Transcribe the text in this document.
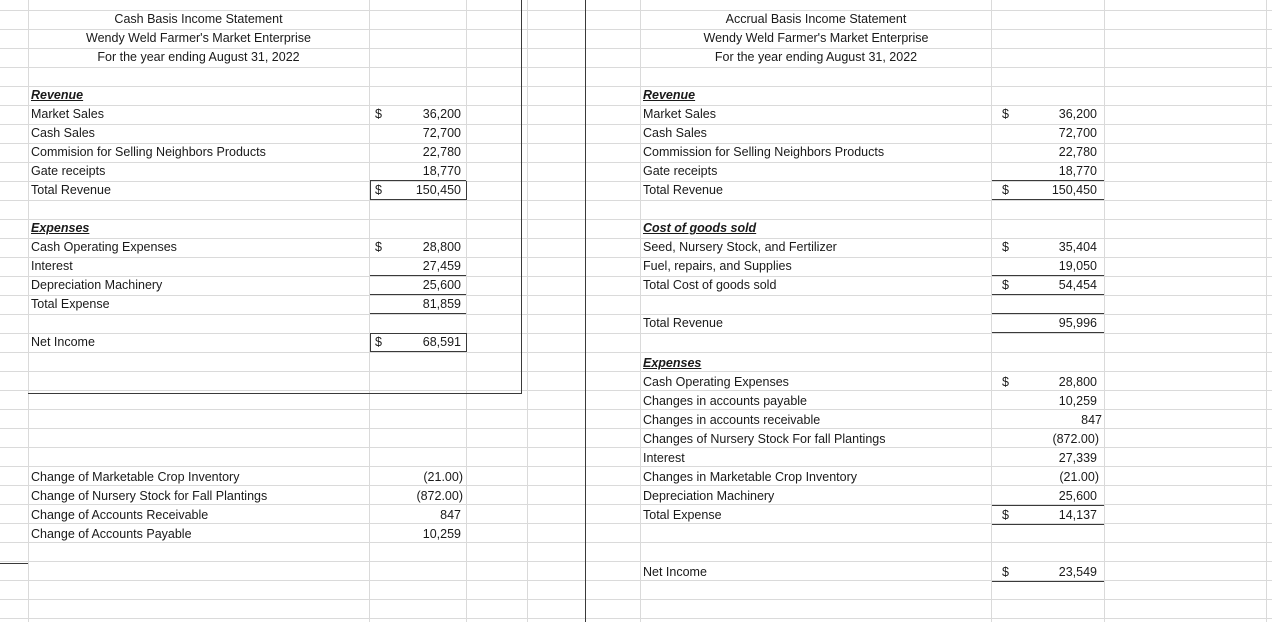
Cash Basis Income Statement
Wendy Weld Farmer's Market Enterprise
For the year ending August 31, 2022
Revenue
Market Sales	$	36,200
Cash Sales	72,700
Commision for Selling Neighbors Products	22,780
Gate receipts	18,770
Total Revenue	$	150,450
Expenses
Cash Operating Expenses	$	28,800
Interest	27,459
Depreciation Machinery	25,600
Total Expense	81,859
Net Income	$	68,591
Change of Marketable Crop Inventory	(21.00)
Change of Nursery Stock for Fall Plantings	(872.00)
Change of Accounts Receivable	847
Change of Accounts Payable	10,259
Accrual Basis Income Statement
Wendy Weld Farmer's Market Enterprise
For the year ending August 31, 2022
Revenue
Market Sales	$	36,200
Cash Sales	72,700
Commission for Selling Neighbors Products	22,780
Gate receipts	18,770
Total Revenue	$	150,450
Cost of goods sold
Seed, Nursery Stock, and Fertilizer	$	35,404
Fuel, repairs, and Supplies	19,050
Total Cost of goods sold	$	54,454
Total Revenue	95,996
Expenses
Cash Operating Expenses	$	28,800
Changes in accounts payable	10,259
Changes in accounts receivable	847
Changes of Nursery Stock For fall Plantings	(872.00)
Interest	27,339
Changes in Marketable Crop Inventory	(21.00)
Depreciation Machinery	25,600
Total Expense	$	14,137
Net Income	$	23,549
